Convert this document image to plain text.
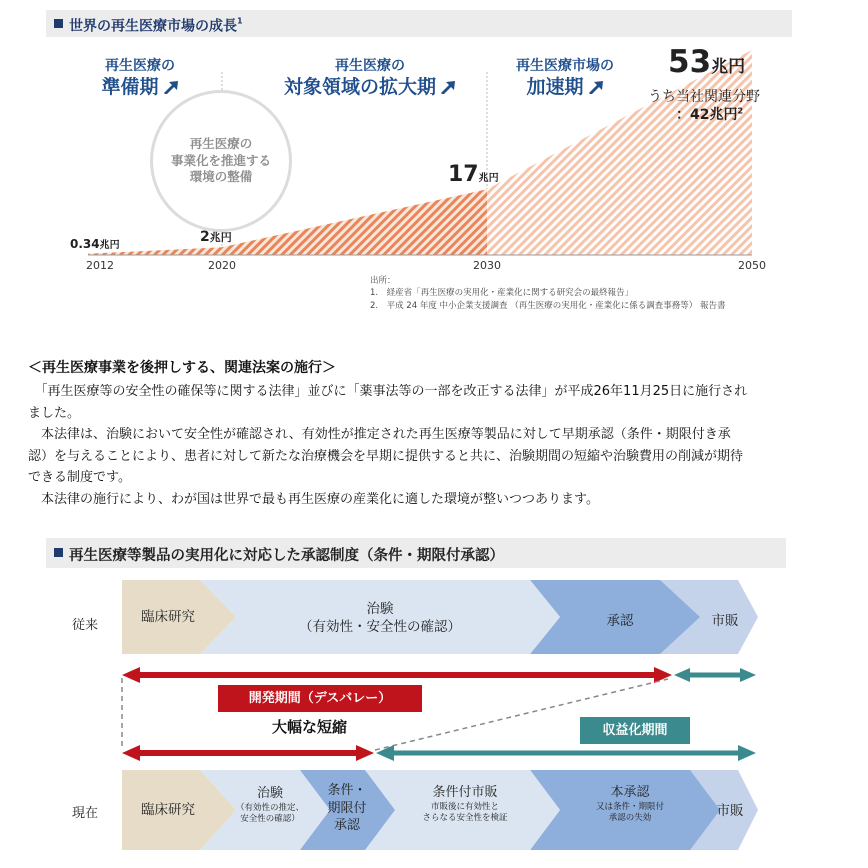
世界の再生医療市場の成長$^1$
再生医療の
準備期
再生医療の
対象領域の拡大期
再生医療市場の
加速期
2012	2020	2030	2050
再生医療の
事業化を推進する
環境の整備
0.34兆円
2兆円
17兆円
53兆円
うち当社関連分野
：42兆円$^2$
出所：
1.　経産省「再生医療の実用化・産業化に関する研究会の最終報告」
2.　平成 24 年度 中小企業支援調査 （再生医療の実用化・産業化に係る調査事務等） 報告書
＜再生医療事業を後押しする、関連法案の施行＞
　「再生医療等の安全性の確保等に関する法律」並びに「薬事法等の一部を改正する法律」が平成26年11月25日に施行され
ました。
　本法律は、治験において安全性が確認され、有効性が推定された再生医療等製品に対して早期承認（条件・期限付き承
認）を与えることにより、患者に対して新たな治療機会を早期に提供すると共に、治験期間の短縮や治験費用の削減が期待
できる制度です。
　本法律の施行により、わが国は世界で最も再生医療の産業化に適した環境が整いつつあります。
再生医療等製品の実用化に対応した承認制度（条件・期限付承認）
従来
現在
臨床研究	治験
（有効性・安全性の確認）	承認	市販
開発期間（デスバレー）
大幅な短縮	収益化期間
臨床研究
治験
（有効性の推定、
安全性の確認）
条件・
期限付
承認
条件付市販
市販後に有効性と
さらなる安全性を検証
本承認
又は条件・期限付
承認の失効	市販
